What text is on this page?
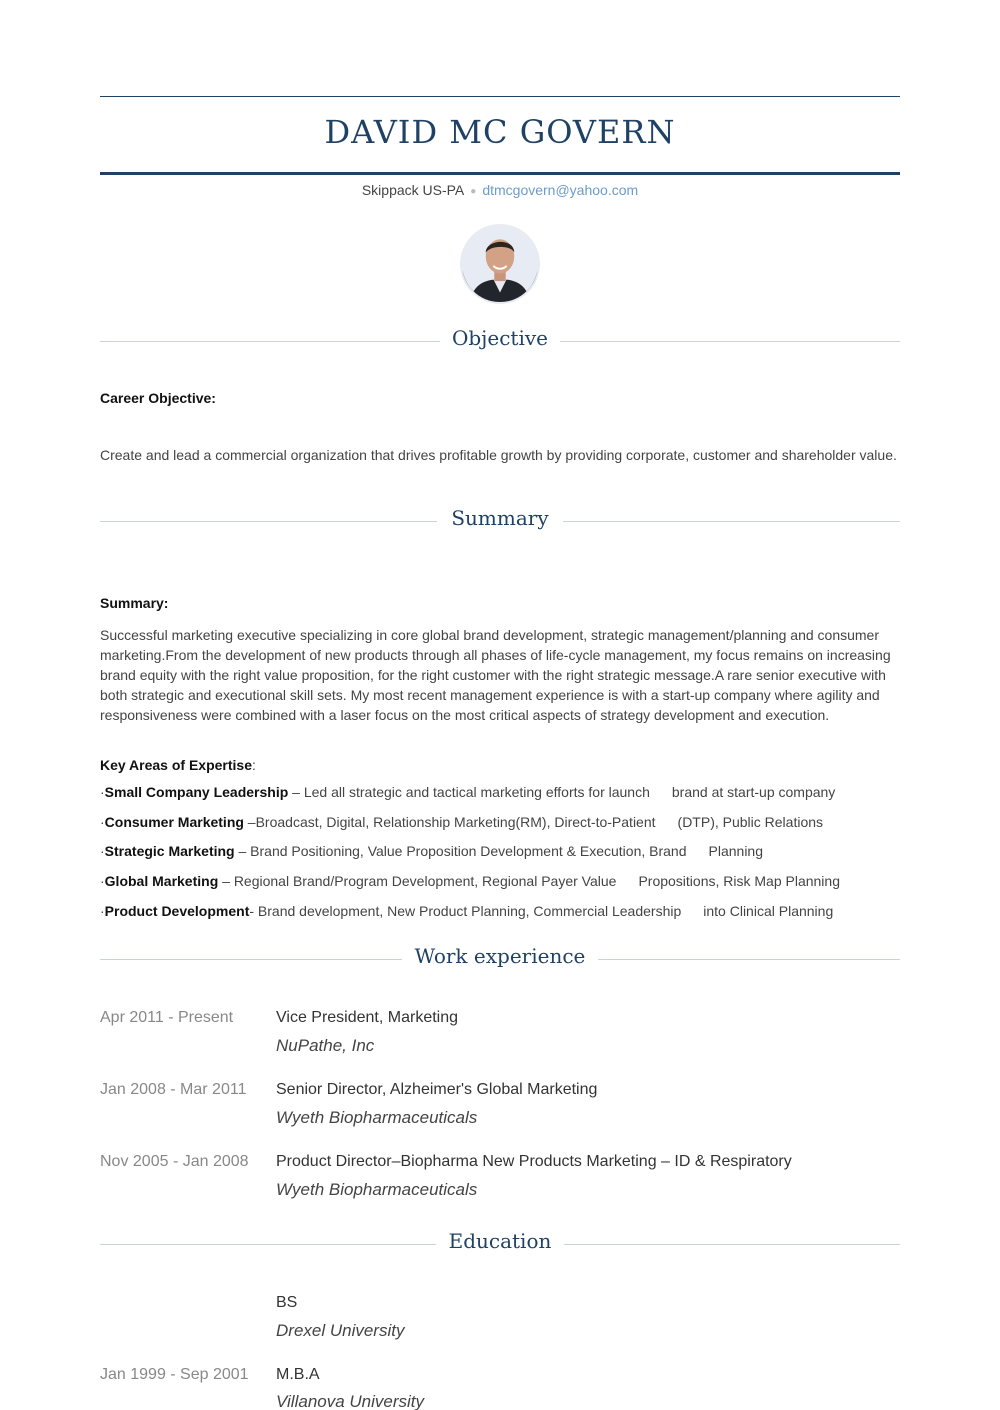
DAVID MC GOVERN
Skippack US-PA ● dtmcgovern@yahoo.com
Objective
Career Objective:
Create and lead a commercial organization that drives profitable growth by providing corporate, customer and shareholder value.
Summary
Summary:
Successful marketing executive specializing in core global brand development, strategic management/planning and consumer marketing.From the development of new products through all phases of life-cycle management, my focus remains on increasing brand equity with the right value proposition, for the right customer with the right strategic message.A rare senior executive with both strategic and executional skill sets. My most recent management experience is with a start-up company where agility and responsiveness were combined with a laser focus on the most critical aspects of strategy development and execution.
Key Areas of Expertise:
·Small Company Leadership – Led all strategic and tactical marketing efforts for launch brand at start-up company
·Consumer Marketing –Broadcast, Digital, Relationship Marketing(RM), Direct-to-Patient (DTP), Public Relations
·Strategic Marketing – Brand Positioning, Value Proposition Development & Execution, Brand Planning
·Global Marketing – Regional Brand/Program Development, Regional Payer Value Propositions, Risk Map Planning
·Product Development- Brand development, New Product Planning, Commercial Leadership into Clinical Planning
Work experience
Apr 2011 - Present	Vice President, Marketing
NuPathe, Inc
Jan 2008 - Mar 2011 Senior Director, Alzheimer's Global Marketing
Wyeth Biopharmaceuticals
Nov 2005 - Jan 2008 Product Director–Biopharma New Products Marketing – ID & Respiratory
Wyeth Biopharmaceuticals
Education
BS
Drexel University
Jan 1999 - Sep 2001 M.B.A
Villanova University
